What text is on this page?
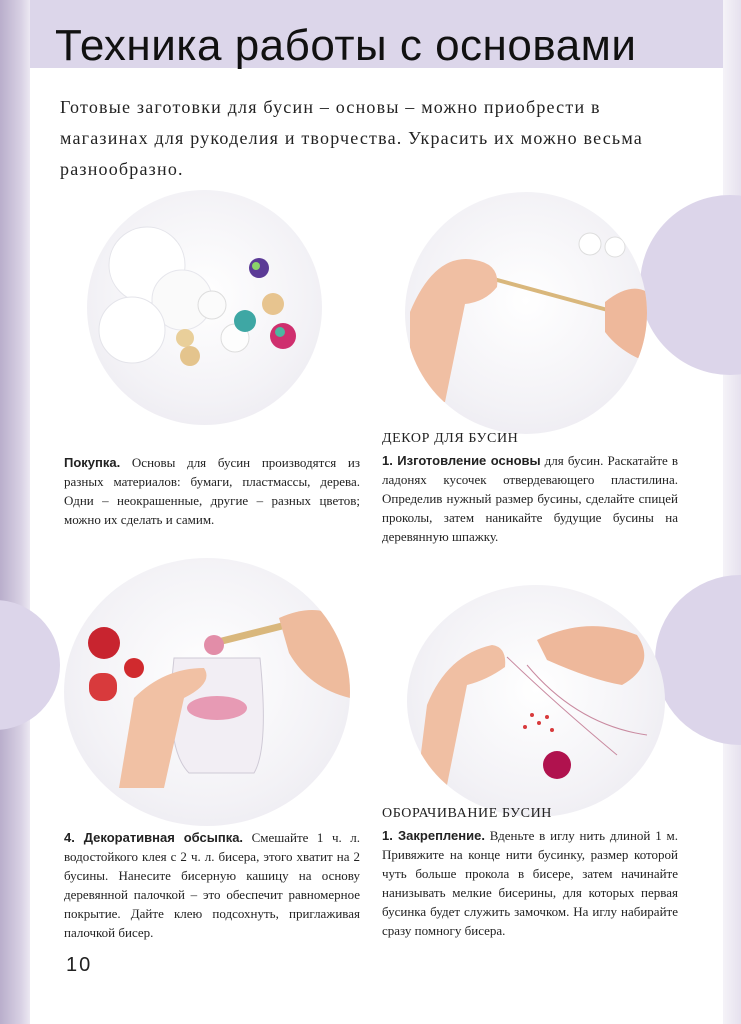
Техника работы с основами

Готовые заготовки для бусин – основы – можно приобрести в магазинах для рукоделия и творчества. Украсить их можно весьма разнообразно.

Покупка. Основы для бусин производятся из разных материалов: бумаги, пластмассы, дерева. Одни – неокрашенные, другие – разных цветов; можно их сделать и самим.

ДЕКОР ДЛЯ БУСИН

1. Изготовление основы для бусин. Раскатайте в ладонях кусочек отвердевающего пластилина. Определив нужный размер бусины, сделайте спицей проколы, затем наникайте будущие бусины на деревянную шпажку.

4. Декоративная обсыпка. Смешайте 1 ч. л. водостойкого клея с 2 ч. л. бисера, этого хватит на 2 бусины. Нанесите бисерную кашицу на основу деревянной палочкой – это обеспечит равномерное покрытие. Дайте клею подсохнуть, приглаживая палочкой бисер.

ОБОРАЧИВАНИЕ БУСИН

1. Закрепление. Вденьте в иглу нить длиной 1 м. Привяжите на конце нити бусинку, размер которой чуть больше прокола в бисере, затем начинайте нанизывать мелкие бисерины, для которых первая бусинка будет служить замочком. На иглу набирайте сразу помногу бисера.

10
